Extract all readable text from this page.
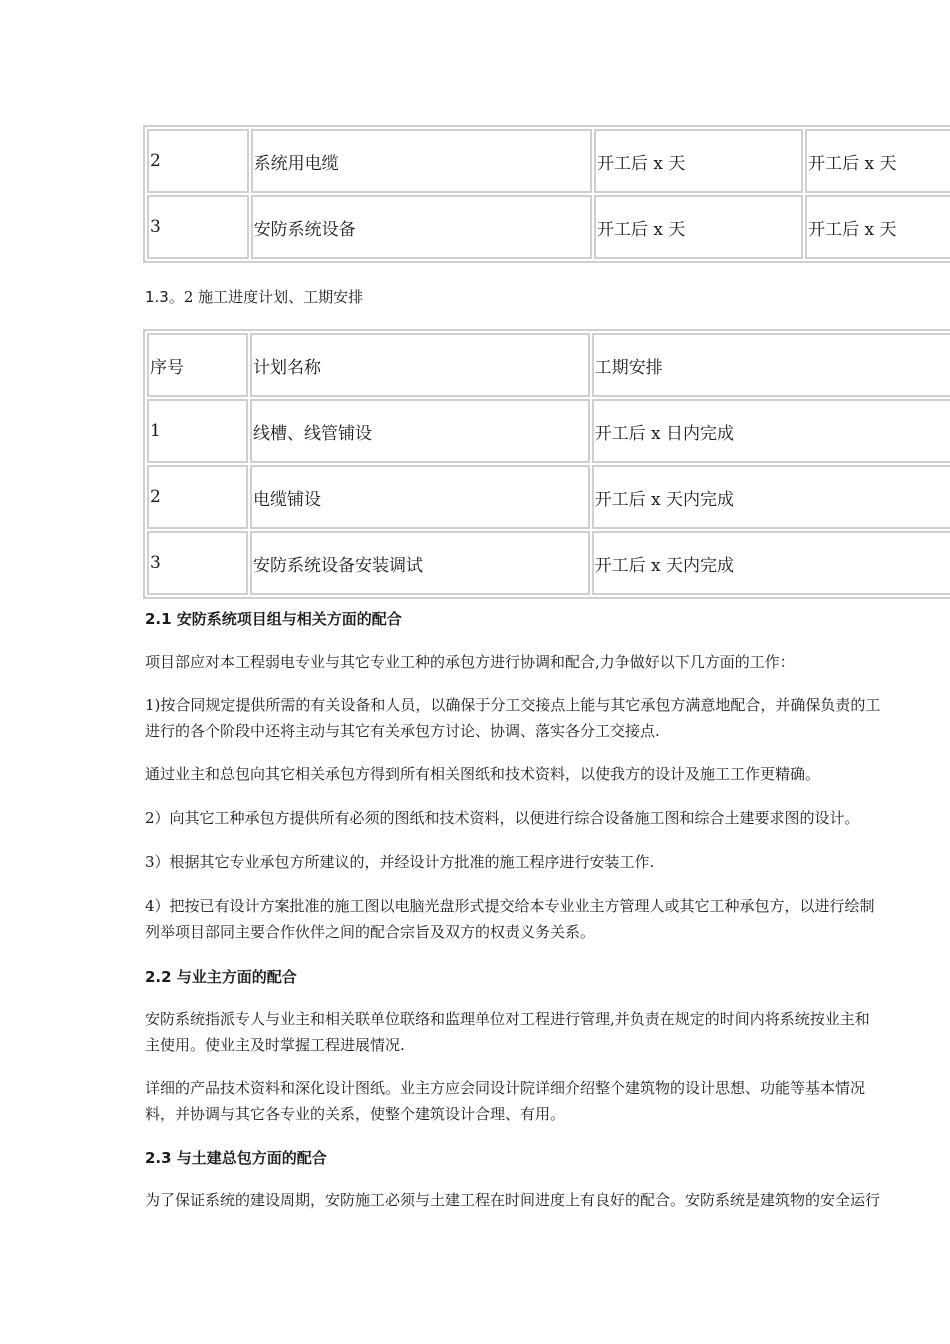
2	系统用电缆	开工后 x 天	开工后 x 天
3	安防系统设备	开工后 x 天	开工后 x 天
1.3。2 施工进度计划、工期安排
序号	计划名称	工期安排
1	线槽、线管铺设	开工后 x 日内完成
2	电缆铺设	开工后 x 天内完成
3	安防系统设备安装调试	开工后 x 天内完成
2.1 安防系统项目组与相关方面的配合
项目部应对本工程弱电专业与其它专业工种的承包方进行协调和配合,力争做好以下几方面的工作：
1)按合同规定提供所需的有关设备和人员，以确保于分工交接点上能与其它承包方满意地配合，并确保负责的工
进行的各个阶段中还将主动与其它有关承包方讨论、协调、落实各分工交接点.
通过业主和总包向其它相关承包方得到所有相关图纸和技术资料，以使我方的设计及施工工作更精确。
2）向其它工种承包方提供所有必须的图纸和技术资料，以便进行综合设备施工图和综合土建要求图的设计。
3）根据其它专业承包方所建议的，并经设计方批准的施工程序进行安装工作.
4）把按已有设计方案批准的施工图以电脑光盘形式提交给本专业业主方管理人或其它工种承包方，以进行绘制
列举项目部同主要合作伙伴之间的配合宗旨及双方的权责义务关系。
2.2 与业主方面的配合
安防系统指派专人与业主和相关联单位联络和监理单位对工程进行管理,并负责在规定的时间内将系统按业主和
主使用。使业主及时掌握工程进展情况.
详细的产品技术资料和深化设计图纸。业主方应会同设计院详细介绍整个建筑物的设计思想、功能等基本情况
料，并协调与其它各专业的关系，使整个建筑设计合理、有用。
2.3 与土建总包方面的配合
为了保证系统的建设周期，安防施工必须与土建工程在时间进度上有良好的配合。安防系统是建筑物的安全运行
